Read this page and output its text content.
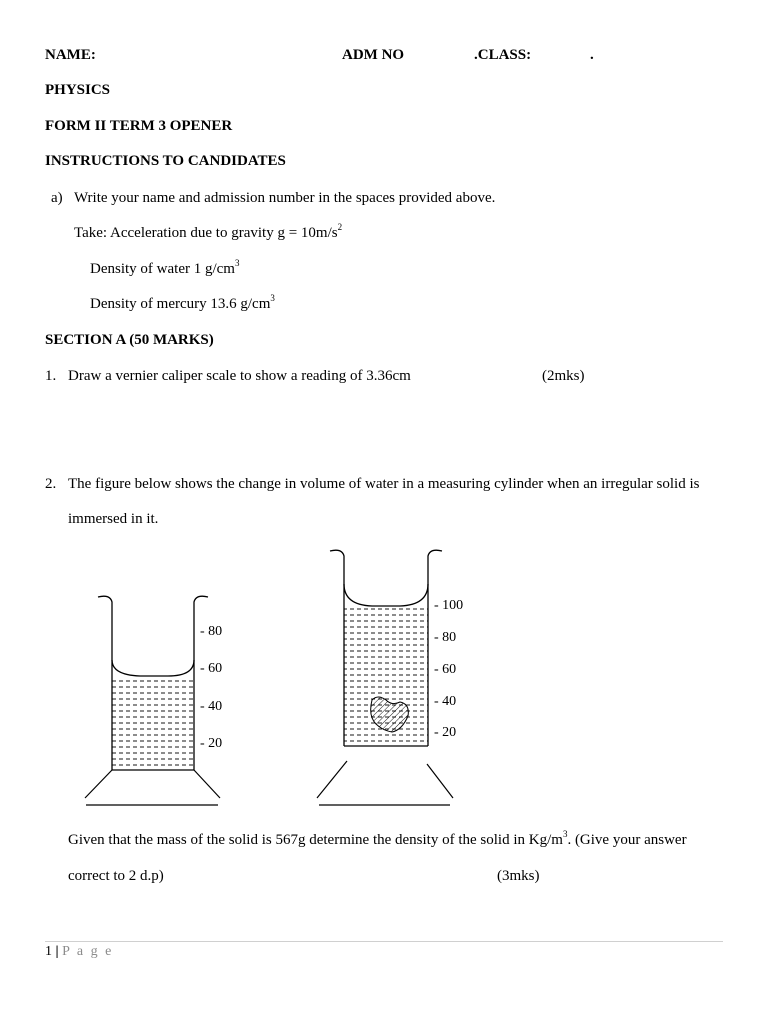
NAME:	ADM NO	.CLASS:	.
PHYSICS
FORM II TERM 3 OPENER
INSTRUCTIONS TO CANDIDATES
a) Write your name and admission number in the spaces provided above.
Take: Acceleration due to gravity $g = 10m/s^2$
Density of water 1 $g/cm^3$
Density of mercury 13.6 $g/cm^3$
SECTION A (50 MARKS)
1. Draw a vernier caliper scale to show a reading of 3.36cm	(2mks)
2. The figure below shows the change in volume of water in a measuring cylinder when an irregular solid is
immersed in it.
- 80
- 60
- 40
- 20
- 100
- 80
- 60
- 40
- 20
Given that the mass of the solid is 567g determine the density of the solid in $Kg/m^3$. (Give your answer
correct to 2 d.p)	(3mks)
1 | P a g e
